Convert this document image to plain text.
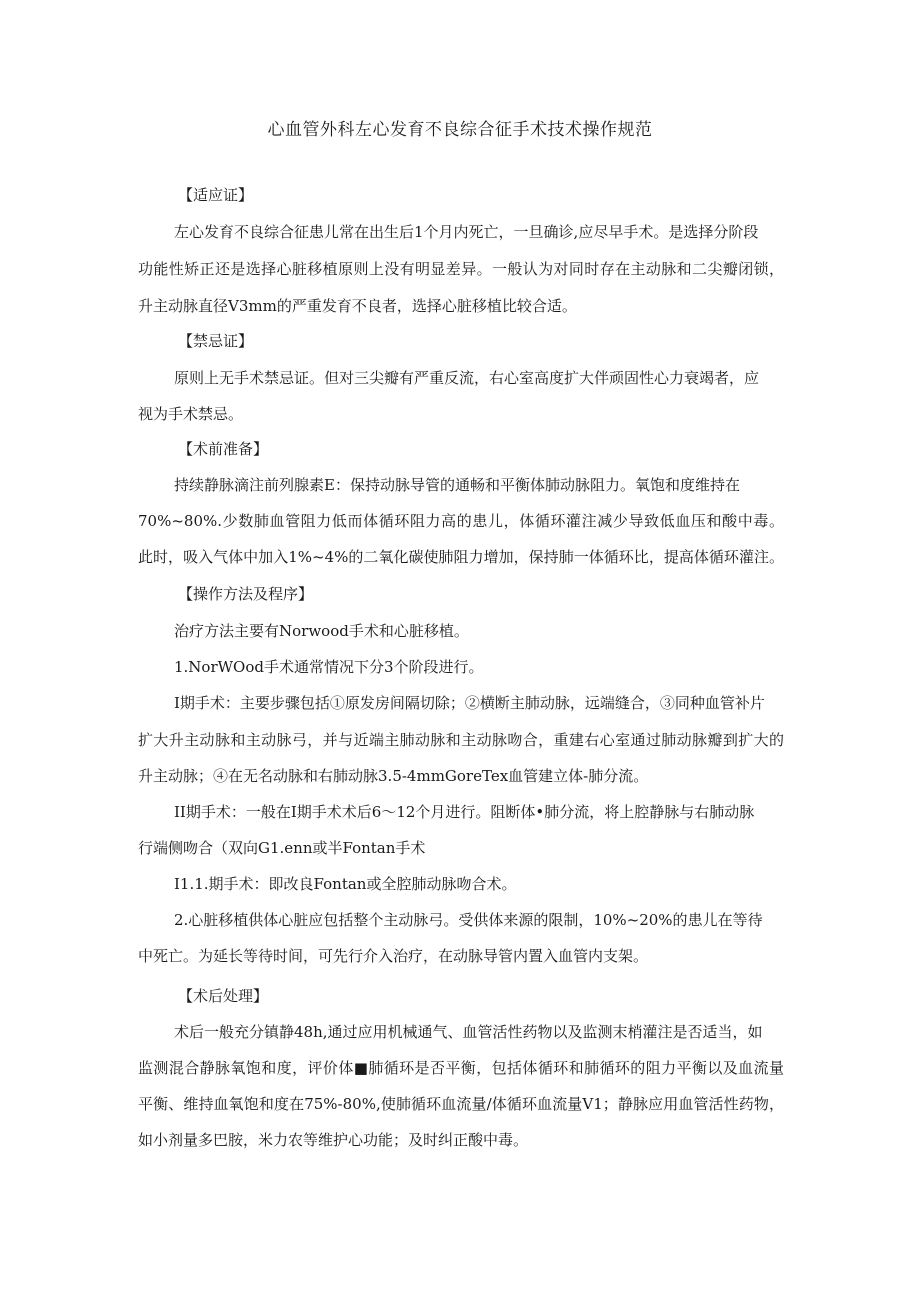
心血管外科左心发育不良综合征手术技术操作规范
【适应证】
左心发育不良综合征患儿常在出生后1个月内死亡，一旦确诊,应尽早手术。是选择分阶段
功能性矫正还是选择心脏移植原则上没有明显差异。一般认为对同时存在主动脉和二尖瓣闭锁，
升主动脉直径V3mm的严重发育不良者，选择心脏移植比较合适。
【禁忌证】
原则上无手术禁忌证。但对三尖瓣有严重反流，右心室高度扩大伴顽固性心力衰竭者，应
视为手术禁忌。
【术前准备】
持续静脉滴注前列腺素E：保持动脉导管的通畅和平衡体肺动脉阻力。氧饱和度维持在
70%~80%.少数肺血管阻力低而体循环阻力高的患儿，体循环灌注减少导致低血压和酸中毒。
此时，吸入气体中加入1%~4%的二氧化碳使肺阻力增加，保持肺一体循环比，提高体循环灌注。
【操作方法及程序】
治疗方法主要有Norwood手术和心脏移植。
1.NorWOod手术通常情况下分3个阶段进行。
I期手术：主要步骤包括①原发房间隔切除；②横断主肺动脉，远端缝合，③同种血管补片
扩大升主动脉和主动脉弓，并与近端主肺动脉和主动脉吻合，重建右心室通过肺动脉瓣到扩大的
升主动脉；④在无名动脉和右肺动脉3.5-4mmGoreTex血管建立体-肺分流。
II期手术：一般在I期手术术后6～12个月进行。阻断体•肺分流，将上腔静脉与右肺动脉
行端侧吻合（双向G1.enn或半Fontan手术
I1.1.期手术：即改良Fontan或全腔肺动脉吻合术。
2.心脏移植供体心脏应包括整个主动脉弓。受供体来源的限制，10%~20%的患儿在等待
中死亡。为延长等待时间，可先行介入治疗，在动脉导管内置入血管内支架。
【术后处理】
术后一般充分镇静48h,通过应用机械通气、血管活性药物以及监测末梢灌注是否适当，如
监测混合静脉氧饱和度，评价体■肺循环是否平衡，包括体循环和肺循环的阻力平衡以及血流量
平衡、维持血氧饱和度在75%-80%,使肺循环血流量/体循环血流量V1；静脉应用血管活性药物，
如小剂量多巴胺，米力农等维护心功能；及时纠正酸中毒。
